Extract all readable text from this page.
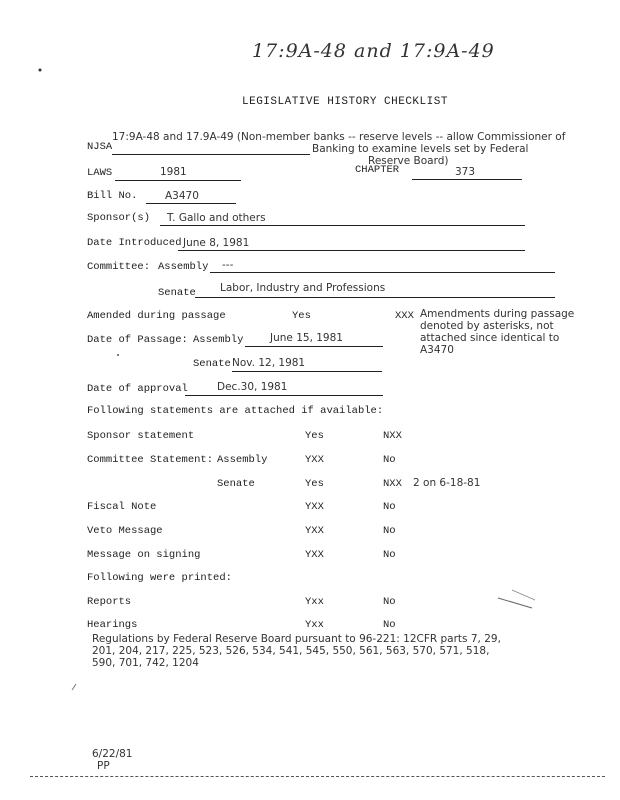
17:9A-48 and 17:9A-49
LEGISLATIVE HISTORY CHECKLIST
NJSA
17:9A-48 and 17.9A-49 (Non-member banks -- reserve levels -- allow Commissioner of
Banking to examine levels set by Federal
Reserve Board)
LAWS	1981	CHAPTER	373
Bill No.	A3470
Sponsor(s) T. Gallo and others
Date Introduced June 8, 1981
Committee: Assembly ---
Senate Labor, Industry and Professions
Amended during passage	Yes	XXX Amendments during passage
denoted by asterisks, not
attached since identical to
A3470
Date of Passage: Assembly	June 15, 1981
Senate Nov. 12, 1981
Date of approval	Dec.30, 1981
Following statements are attached if available:
Sponsor statement	Yes	NXX
Committee Statement: Assembly	YXX	No
Senate	Yes	NXX 2 on 6-18-81
Fiscal Note	YXX	No
Veto Message	YXX	No
Message on signing	YXX	No
Following were printed:
Reports	Yxx	No
Hearings	Yxx	No
Regulations by Federal Reserve Board pursuant to 96-221: 12CFR parts 7, 29,
201, 204, 217, 225, 523, 526, 534, 541, 545, 550, 561, 563, 570, 571, 518,
590, 701, 742, 1204
6/22/81
PP
